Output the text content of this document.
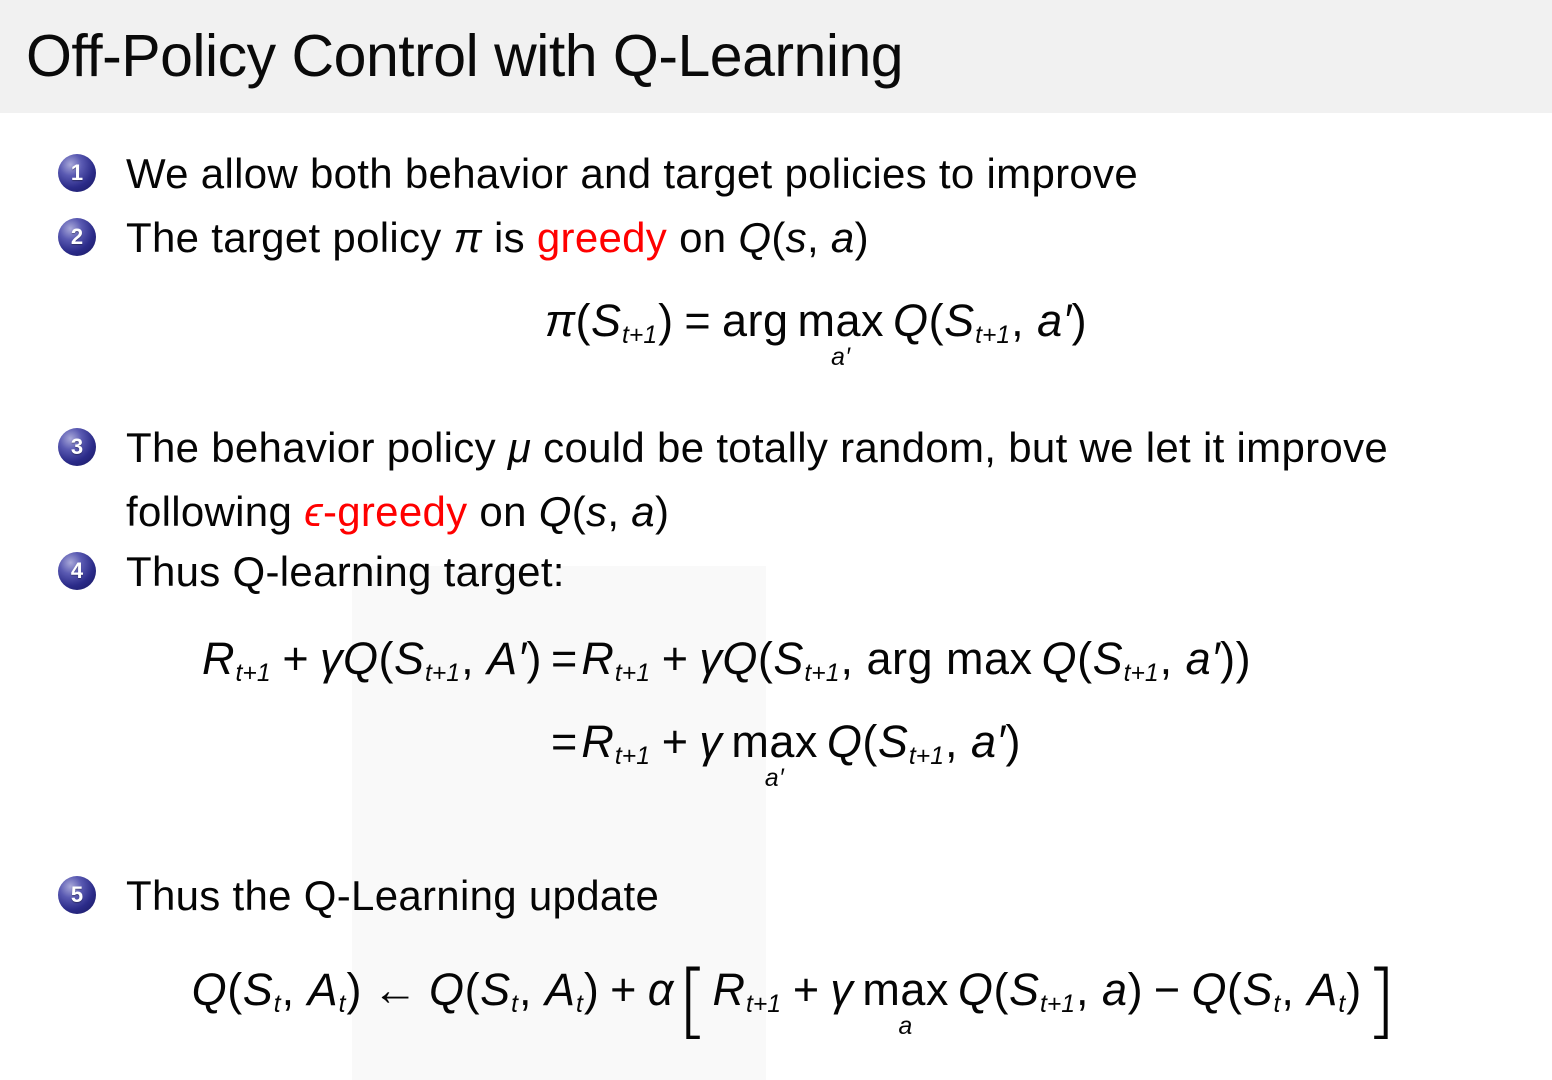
Off-Policy Control with Q-Learning
1	We allow both behavior and target policies to improve
2	The target policy π is greedy on Q(s, a)
π(St+1) = arg max
a′
Q(St+1, a′)
3	The behavior policy μ could be totally random, but we let it improve
following ϵ-greedy on Q(s, a)
4	Thus Q-learning target:
Rt+1 + γQ(St+1, A′) =Rt+1 + γQ(St+1, arg max Q(St+1, a′))
=Rt+1 + γ max
a′
Q(St+1, a′)
5	Thus the Q-Learning update
Q(St, At) ← Q(St, At) + α[Rt+1 + γ max
a
Q(St+1, a) − Q(St, At)]
